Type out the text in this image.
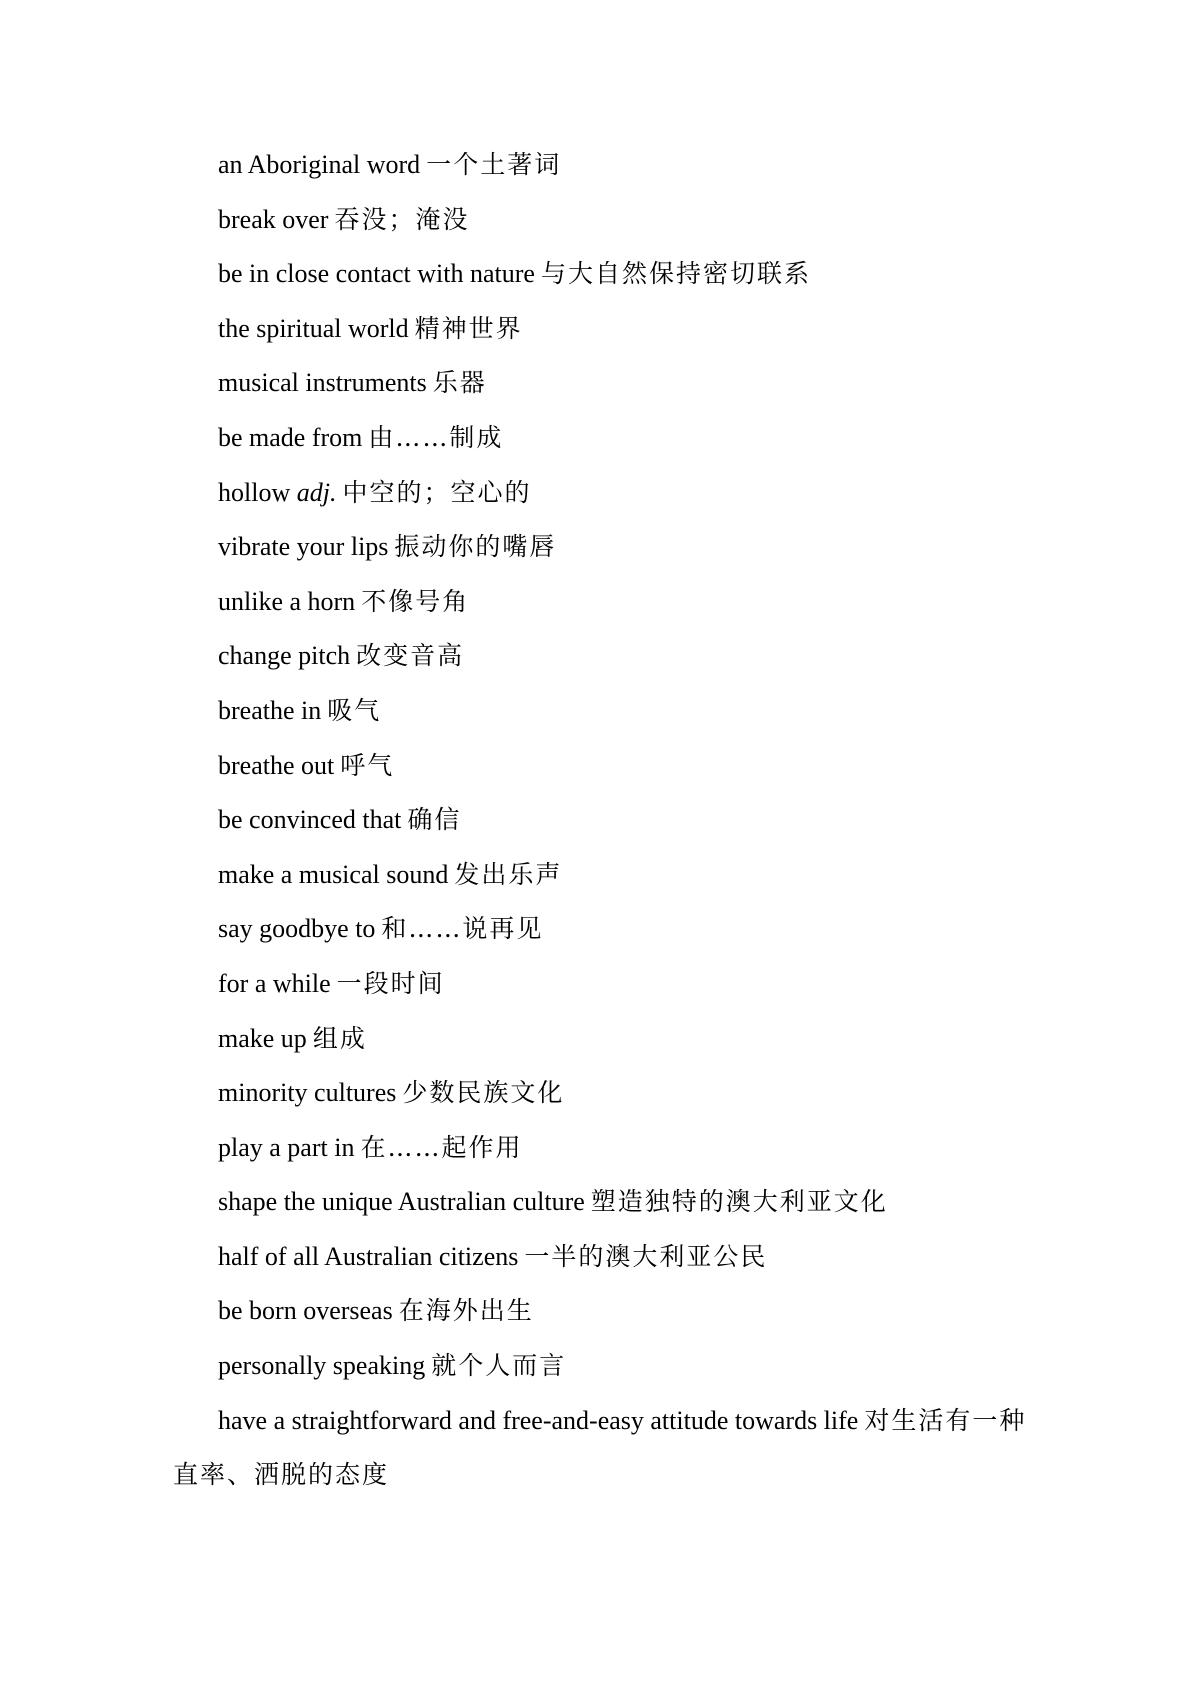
an Aboriginal word 一个土著词
break over 吞没；淹没
be in close contact with nature 与大自然保持密切联系
the spiritual world 精神世界
musical instruments 乐器
be made from 由……制成
hollow adj. 中空的；空心的
vibrate your lips 振动你的嘴唇
unlike a horn 不像号角
change pitch 改变音高
breathe in 吸气
breathe out 呼气
be convinced that 确信
make a musical sound 发出乐声
say goodbye to 和……说再见
for a while 一段时间
make up 组成
minority cultures 少数民族文化
play a part in 在……起作用
shape the unique Australian culture 塑造独特的澳大利亚文化
half of all Australian citizens 一半的澳大利亚公民
be born overseas 在海外出生
personally speaking 就个人而言
have a straightforward and free-and-easy attitude towards life 对生活有一种直率、洒脱的态度
